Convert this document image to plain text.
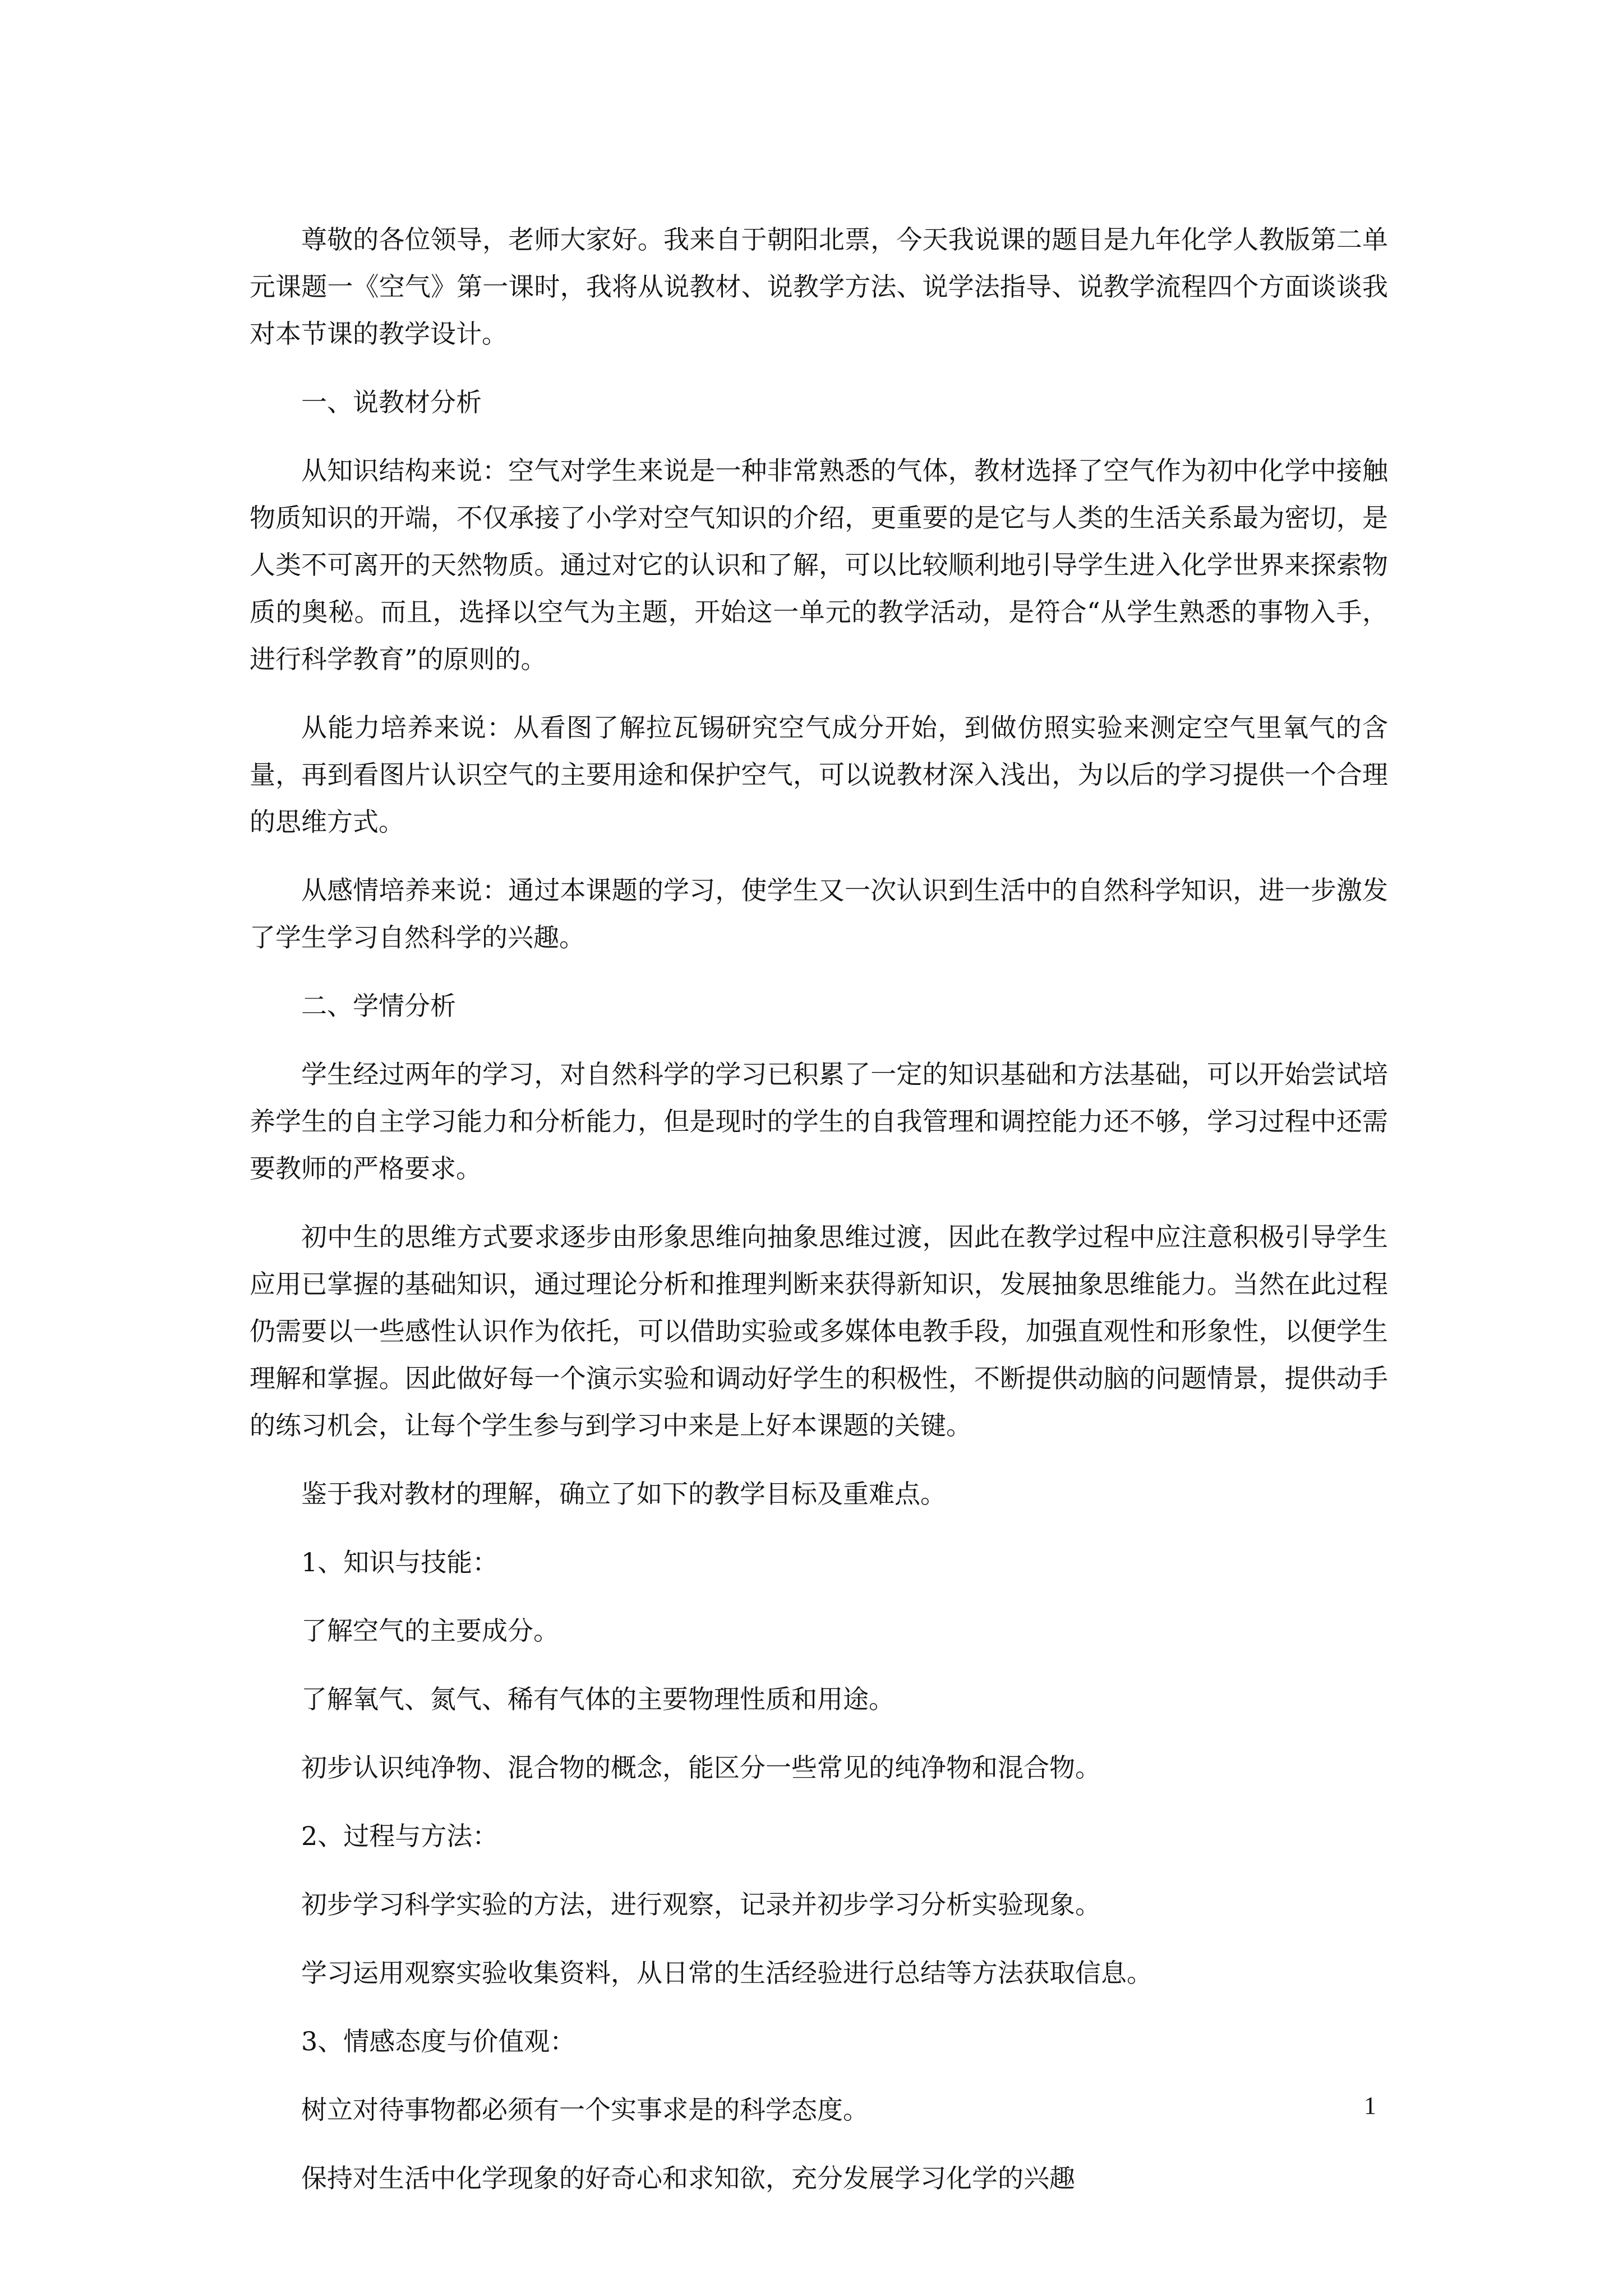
尊敬的各位领导，老师大家好。我来自于朝阳北票，今天我说课的题目是九年化学人教版第二单元课题一《空气》第一课时，我将从说教材、说教学方法、说学法指导、说教学流程四个方面谈谈我对本节课的教学设计。

一、说教材分析

从知识结构来说：空气对学生来说是一种非常熟悉的气体，教材选择了空气作为初中化学中接触物质知识的开端，不仅承接了小学对空气知识的介绍，更重要的是它与人类的生活关系最为密切，是人类不可离开的天然物质。通过对它的认识和了解，可以比较顺利地引导学生进入化学世界来探索物质的奥秘。而且，选择以空气为主题，开始这一单元的教学活动，是符合“从学生熟悉的事物入手，进行科学教育”的原则的。

从能力培养来说：从看图了解拉瓦锡研究空气成分开始，到做仿照实验来测定空气里氧气的含量，再到看图片认识空气的主要用途和保护空气，可以说教材深入浅出，为以后的学习提供一个合理的思维方式。

从感情培养来说：通过本课题的学习，使学生又一次认识到生活中的自然科学知识，进一步激发了学生学习自然科学的兴趣。

二、学情分析

学生经过两年的学习，对自然科学的学习已积累了一定的知识基础和方法基础，可以开始尝试培养学生的自主学习能力和分析能力，但是现时的学生的自我管理和调控能力还不够，学习过程中还需要教师的严格要求。

初中生的思维方式要求逐步由形象思维向抽象思维过渡，因此在教学过程中应注意积极引导学生应用已掌握的基础知识，通过理论分析和推理判断来获得新知识，发展抽象思维能力。当然在此过程仍需要以一些感性认识作为依托，可以借助实验或多媒体电教手段，加强直观性和形象性，以便学生理解和掌握。因此做好每一个演示实验和调动好学生的积极性，不断提供动脑的问题情景，提供动手的练习机会，让每个学生参与到学习中来是上好本课题的关键。

鉴于我对教材的理解，确立了如下的教学目标及重难点。

1、知识与技能：

了解空气的主要成分。

了解氧气、氮气、稀有气体的主要物理性质和用途。

初步认识纯净物、混合物的概念，能区分一些常见的纯净物和混合物。

2、过程与方法：

初步学习科学实验的方法，进行观察，记录并初步学习分析实验现象。

学习运用观察实验收集资料，从日常的生活经验进行总结等方法获取信息。

3、情感态度与价值观：

树立对待事物都必须有一个实事求是的科学态度。

保持对生活中化学现象的好奇心和求知欲，充分发展学习化学的兴趣

1
